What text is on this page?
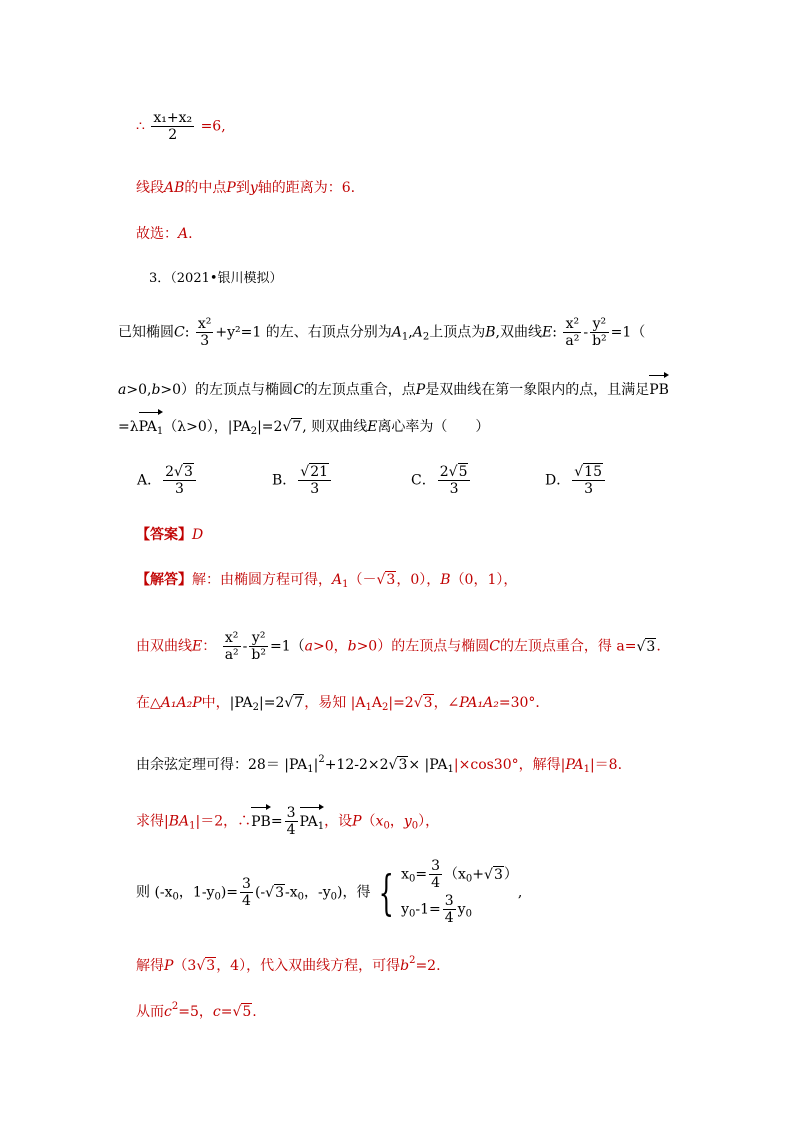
∴ $\frac{\text{x₁+x₂}}{2} =6$,
线段AB的中点P到y轴的距离为：6.
故选：A.
3．（2021•银川模拟）
已知椭圆C: $\frac{\text{x²}}{3} +y^2=1$ 的左、右顶点分别为$A_1,A_2$上顶点为B,双曲线E: $\frac{\text{x²}}{\text{a²}} - \frac{\text{y²}}{\text{b²}} =1$（
a>0,b>0）的左顶点与椭圆C的左顶点重合，点P是双曲线在第一象限内的点，且满足
PB
=λ
$PA_1(\lambda>0)$，$|PA_2|=2√7$, 则双曲线E离心率为（　　）
A． $\frac{2√3}{3}$	B． $\frac{√21}{3}$	C． $\frac{2√5}{3}$	D． $\frac{√15}{3}$
【答案】D
【解答】解：由椭圆方程可得，$A_1(-√3$，0），B（0，1），
由双曲线E： $\frac{\text{x²}}{\text{a²}} - \frac{\text{y²}}{\text{b²}} =1(a>0$，b>0）的左顶点与椭圆C的左顶点重合，得 a=√3.
在△A₁A₂P中，$|PA_2|=2√7$，易知 $|A_1A_2|=2√3$，∠PA₁A₂=30°．
由余弦定理可得：$28= |PA_1|^2+12-2\times 2√3\times |PA_1|\times\cos 30^\circ$，解得$|PA_1|=8$.
求得$|BA_1|=2$，∴
$PB= \frac{3}{4} PA_1$，设$P(x_0$，$y_0$），
则 ($-x_0$，$1-y_0)= \frac{3}{4} (-√3-x_0$，$-y_0$)，得 { $x_0= \frac{3}{4} (x_0+√3)$
$y_0-1= \frac{3}{4} y_0$
,
解得P（3√3，4），代入双曲线方程，可得$b^2=2$.
从而$c^2=5$，c=√5.
